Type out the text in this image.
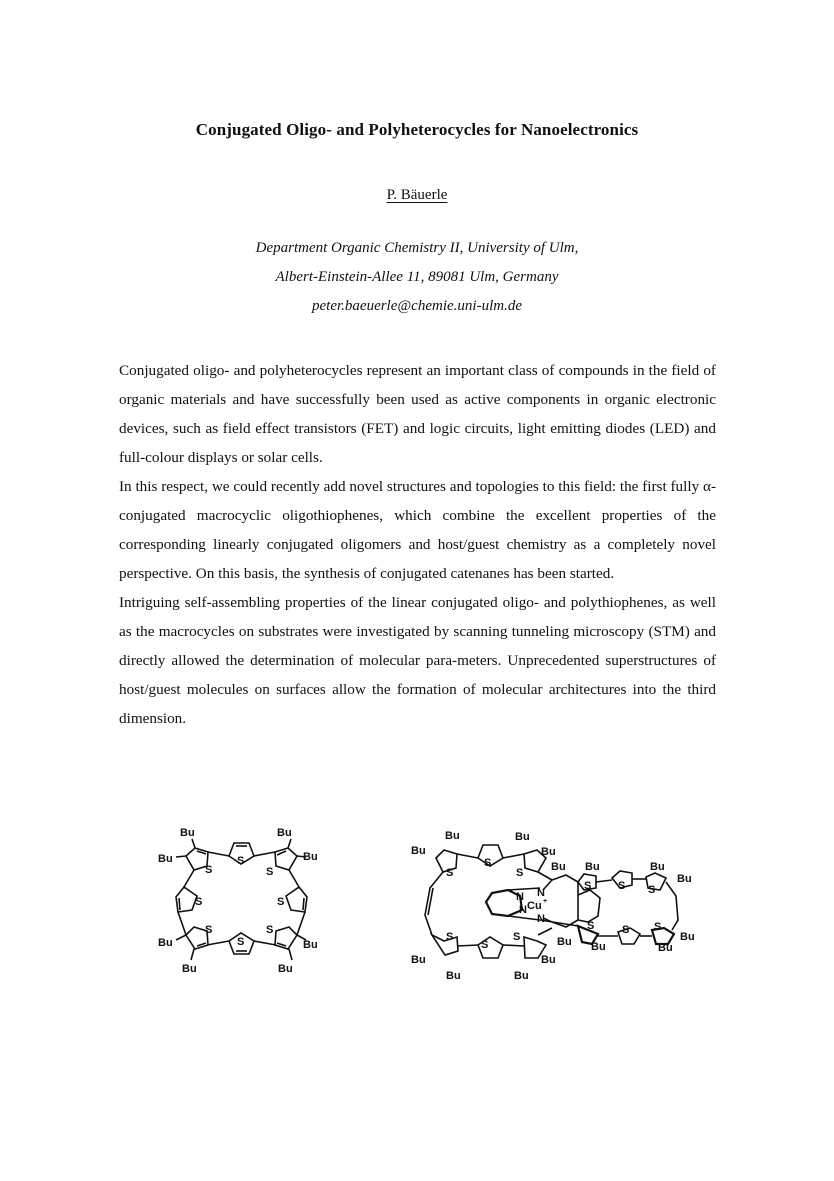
Conjugated Oligo- and Polyheterocycles for Nanoelectronics
P. Bäuerle
Department Organic Chemistry II, University of Ulm,
Albert-Einstein-Allee 11, 89081 Ulm, Germany
peter.baeuerle@chemie.uni-ulm.de

Conjugated oligo- and polyheterocycles represent an important class of compounds in the field of organic materials and have successfully been used as active components in organic electronic devices, such as field effect transistors (FET) and logic circuits, light emitting diodes (LED) and full-colour displays or solar cells.

In this respect, we could recently add novel structures and topologies to this field: the first fully α-conjugated macrocyclic oligothiophenes, which combine the excellent properties of the corresponding linearly conjugated oligomers and host/guest chemistry as a completely novel perspective. On this basis, the synthesis of conjugated catenanes has been started.

Intriguing self-assembling properties of the linear conjugated oligo- and polythiophenes, as well as the macrocycles on substrates were investigated by scanning tunneling microscopy (STM) and directly allowed the determination of molecular para-meters. Unprecedented superstructures of host/guest molecules on surfaces allow the formation of molecular architectures into the third dimension.

Bu
Bu
Bu
Bu
Bu
Bu
Bu
Bu
S
S
S
S	S
S
S
S
Bu
Bu
Bu
Bu
Bu
Bu
Bu
Bu
S
S
S
S
S
S
N
N
N
N
Cu +
Bu Bu	Bu
Bu
Bu Bu
Bu
Bu
S S S
S	S S
